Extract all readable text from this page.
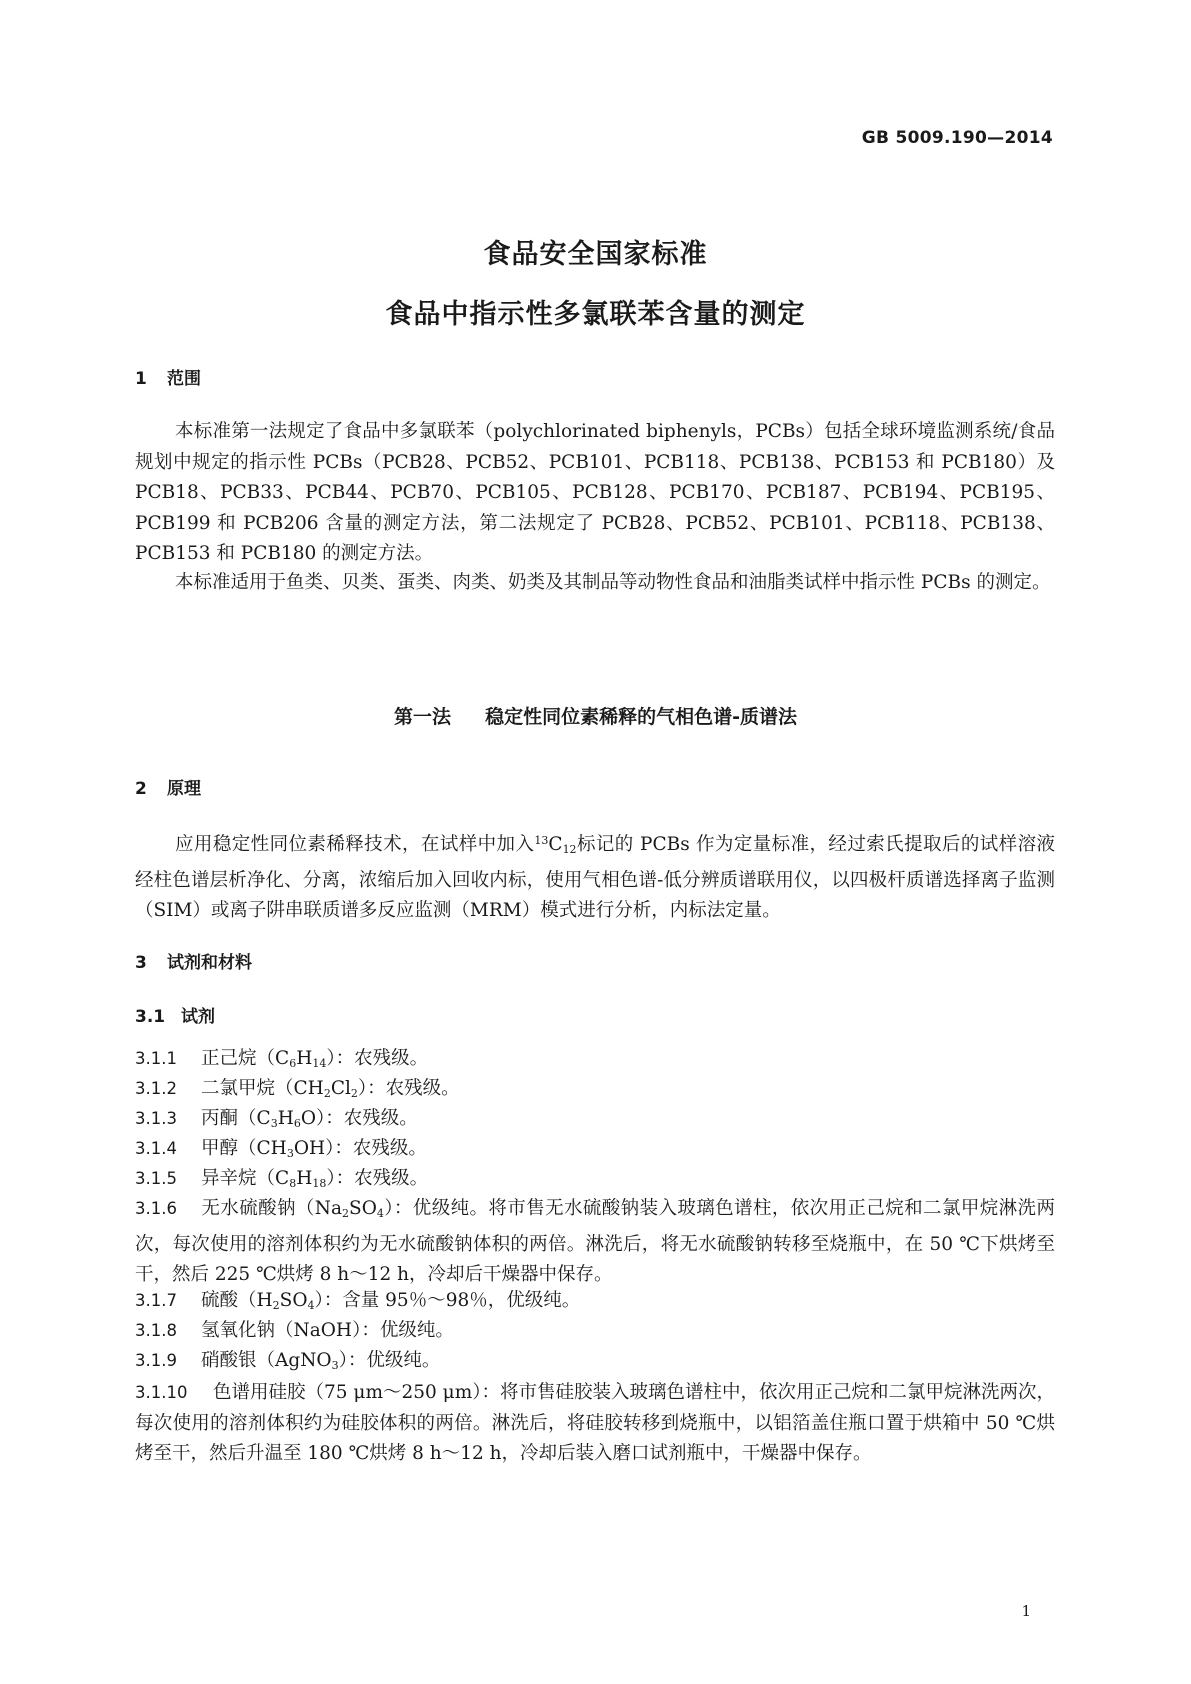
GB 5009.190—2014
食品安全国家标准
食品中指示性多氯联苯含量的测定
1 范围

本标准第一法规定了食品中多氯联苯（polychlorinated biphenyls，PCBs）包括全球环境监测系统/食品规划中规定的指示性 PCBs（PCB28、PCB52、PCB101、PCB118、PCB138、PCB153 和 PCB180）及 PCB18、PCB33、PCB44、PCB70、PCB105、PCB128、PCB170、PCB187、PCB194、PCB195、PCB199 和 PCB206 含量的测定方法，第二法规定了 PCB28、PCB52、PCB101、PCB118、PCB138、PCB153 和 PCB180 的测定方法。

本标准适用于鱼类、贝类、蛋类、肉类、奶类及其制品等动物性食品和油脂类试样中指示性 PCBs 的测定。

第一法 稳定性同位素稀释的气相色谱-质谱法
2 原理

应用稳定性同位素稀释技术，在试样中加入$^{13}C_{12}$标记的 PCBs 作为定量标准，经过索氏提取后的试样溶液经柱色谱层析净化、分离，浓缩后加入回收内标，使用气相色谱-低分辨质谱联用仪，以四极杆质谱选择离子监测（SIM）或离子阱串联质谱多反应监测（MRM）模式进行分析，内标法定量。

3 试剂和材料
3.1 试剂

3.1.1 正己烷$(C_6H_{14})$：农残级。

3.1.2 二氯甲烷$(CH_2Cl_2)$：农残级。

3.1.3 丙酮$(C_3H_6O)$：农残级。

3.1.4 甲醇$(CH_3OH)$：农残级。

3.1.5 异辛烷$(C_8H_{18})$：农残级。

3.1.6 无水硫酸钠$(Na_2SO_4)$：优级纯。将市售无水硫酸钠装入玻璃色谱柱，依次用正己烷和二氯甲烷淋洗两次，每次使用的溶剂体积约为无水硫酸钠体积的两倍。淋洗后，将无水硫酸钠转移至烧瓶中，在 50 ℃下烘烤至干，然后 225 ℃烘烤 8 h～12 h，冷却后干燥器中保存。

3.1.7 硫酸$(H_2SO_4)$：含量 95％～98％，优级纯。

3.1.8 氢氧化钠（NaOH）：优级纯。

3.1.9 硝酸银（AgNO$_3$）：优级纯。

3.1.10 色谱用硅胶（75 μm～250 μm）：将市售硅胶装入玻璃色谱柱中，依次用正己烷和二氯甲烷淋洗两次，每次使用的溶剂体积约为硅胶体积的两倍。淋洗后，将硅胶转移到烧瓶中，以铝箔盖住瓶口置于烘箱中 50 ℃烘烤至干，然后升温至 180 ℃烘烤 8 h～12 h，冷却后装入磨口试剂瓶中，干燥器中保存。

1
